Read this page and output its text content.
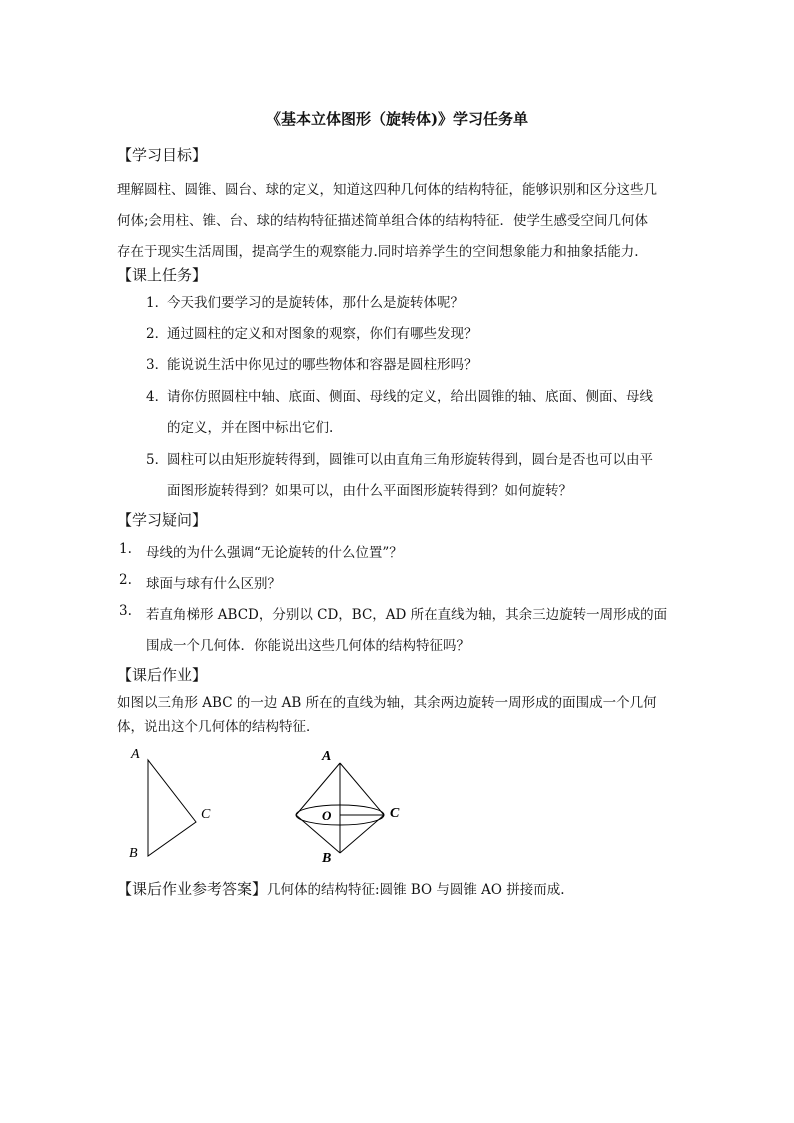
《基本立体图形（旋转体)》学习任务单
【学习目标】
理解圆柱、圆锥、圆台、球的定义，知道这四种几何体的结构特征，能够识别和区分这些几
何体;会用柱、锥、台、球的结构特征描述简单组合体的结构特征．使学生感受空间几何体
存在于现实生活周围，提高学生的观察能力.同时培养学生的空间想象能力和抽象括能力.
【课上任务】
1．
今天我们要学习的是旋转体，那什么是旋转体呢？
2．
通过圆柱的定义和对图象的观察，你们有哪些发现？
3．
能说说生活中你见过的哪些物体和容器是圆柱形吗？
4．
请你仿照圆柱中轴、底面、侧面、母线的定义，给出圆锥的轴、底面、侧面、母线
的定义，并在图中标出它们.
5．
圆柱可以由矩形旋转得到，圆锥可以由直角三角形旋转得到，圆台是否也可以由平
面图形旋转得到？如果可以，由什么平面图形旋转得到？如何旋转？
【学习疑问】
1. 母线的为什么强调“无论旋转的什么位置”？
2. 球面与球有什么区别？
3. 若直角梯形 ABCD，分别以 CD，BC，AD 所在直线为轴，其余三边旋转一周形成的面
围成一个几何体．你能说出这些几何体的结构特征吗？
【课后作业】
如图以三角形 ABC 的一边 AB 所在的直线为轴，其余两边旋转一周形成的面围成一个几何
体，说出这个几何体的结构特征．
A
B
C
A
B
C
O
【课后作业参考答案】几何体的结构特征:圆锥 BO 与圆锥 AO 拼接而成.
